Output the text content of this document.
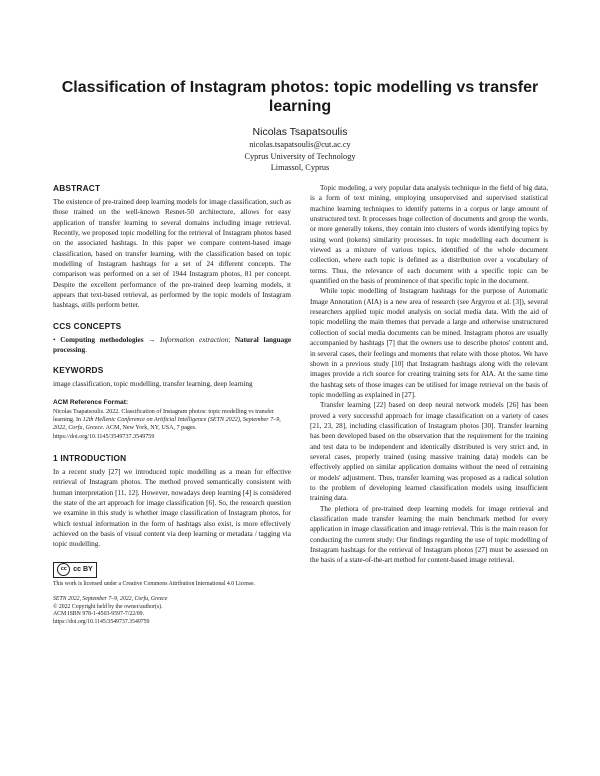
Classification of Instagram photos: topic modelling vs transfer learning
Nicolas Tsapatsoulis
nicolas.tsapatsoulis@cut.ac.cy
Cyprus University of Technology
Limassol, Cyprus
ABSTRACT

The existence of pre-trained deep learning models for image classification, such as those trained on the well-known Resnet-50 architecture, allows for easy application of transfer learning to several domains including image retrieval. Recently, we proposed topic modelling for the retrieval of Instagram photos based on the associated hashtags. In this paper we compare content-based image classification, based on transfer learning, with the classification based on topic modelling of Instagram hashtags for a set of 24 different concepts. The comparison was performed on a set of 1944 Instagram photos, 81 per concept. Despite the excellent performance of the pre-trained deep learning models, it appears that text-based retrieval, as performed by the topic models of Instagram hashtags, stills perform better.

CCS CONCEPTS

• Computing methodologies → Information extraction; Natural language processing.

KEYWORDS

image classification, topic modelling, transfer learning, deep learning

ACM Reference Format:

Nicolas Tsapatsoulis. 2022. Classification of Instagram photos: topic modelling vs transfer learning. In 12th Hellenic Conference on Artificial Intelligence (SETN 2022), September 7–9, 2022, Corfu, Greece. ACM, New York, NY, USA, 7 pages. https://doi.org/10.1145/3549737.3549759

1 INTRODUCTION

In a recent study [27] we introduced topic modelling as a mean for effective retrieval of Instagram photos. The method proved semantically consistent with human interpretation [11, 12]. However, nowadays deep learning [4] is considered the state of the art approach for image classification [6]. So, the research question we examine in this study is whether image classification of Instagram photos, for which textual information in the form of hashtags also exist, is more effectively achieved on the basis of visual content via deep learning or metadata / tagging via topic modelling.

cc cc BY
This work is licensed under a Creative Commons Attribution International 4.0 License.
SETN 2022, September 7–9, 2022, Corfu, Greece
© 2022 Copyright held by the owner/author(s).
ACM ISBN 978-1-4503-9597-7/22/09.
https://doi.org/10.1145/3549737.3549759

Topic modeling, a very popular data analysis technique in the field of big data, is a form of text mining, employing unsupervised and supervised statistical machine learning techniques to identify patterns in a corpus or large amount of unstructured text. It processes huge collection of documents and group the words, or more generally tokens, they contain into clusters of words identifying topics by using word (tokens) similarity processes. In topic modelling each document is viewed as a mixture of various topics, identified of the whole document collection, where each topic is defined as a distribution over a vocabulary of terms. Thus, the relevance of each document with a specific topic can be quantified on the basis of prominence of that specific topic in the document.

While topic modelling of Instagram hashtags for the purpose of Automatic Image Annotation (AIA) is a new area of research (see Argyrou et al. [3]), several researchers applied topic model analysis on social media data. With the aid of topic modelling the main themes that pervade a large and otherwise unstructured collection of social media documents can be mined. Instagram photos are usually accompanied by hashtags [7] that the owners use to describe photos' content and, in several cases, their feelings and moments that relate with those photos. We have shown in a previous study [10] that Instagram hashtags along with the relevant images provide a rich source for creating training sets for AIA. At the same time the hashtag sets of those images can be utilised for image retrieval on the basis of topic modelling as explained in [27].

Transfer learning [22] based on deep neural network models [26] has been proved a very successful approach for image classification on a variety of cases [21, 23, 28], including classification of Instagram photos [30]. Transfer learning has been developed based on the observation that the requirement for the training and test data to be independent and identically distributed is very strict and, in several cases, properly trained (using massive training data) models can be effectively applied on similar application domains without the need of retraining or models' adjustment. Thus, transfer learning was proposed as a radical solution to the problem of developing learned classification models using insufficient training data.

The plethora of pre-trained deep learning models for image retrieval and classification made transfer learning the main benchmark method for every application in image classification and image retrieval. This is the main reason for conducting the current study: Our findings regarding the use of topic modelling of Instagram hashtags for the retrieval of Instagram photos [27] must be assessed on the basis of a state-of-the-art method for content-based image retrieval.
